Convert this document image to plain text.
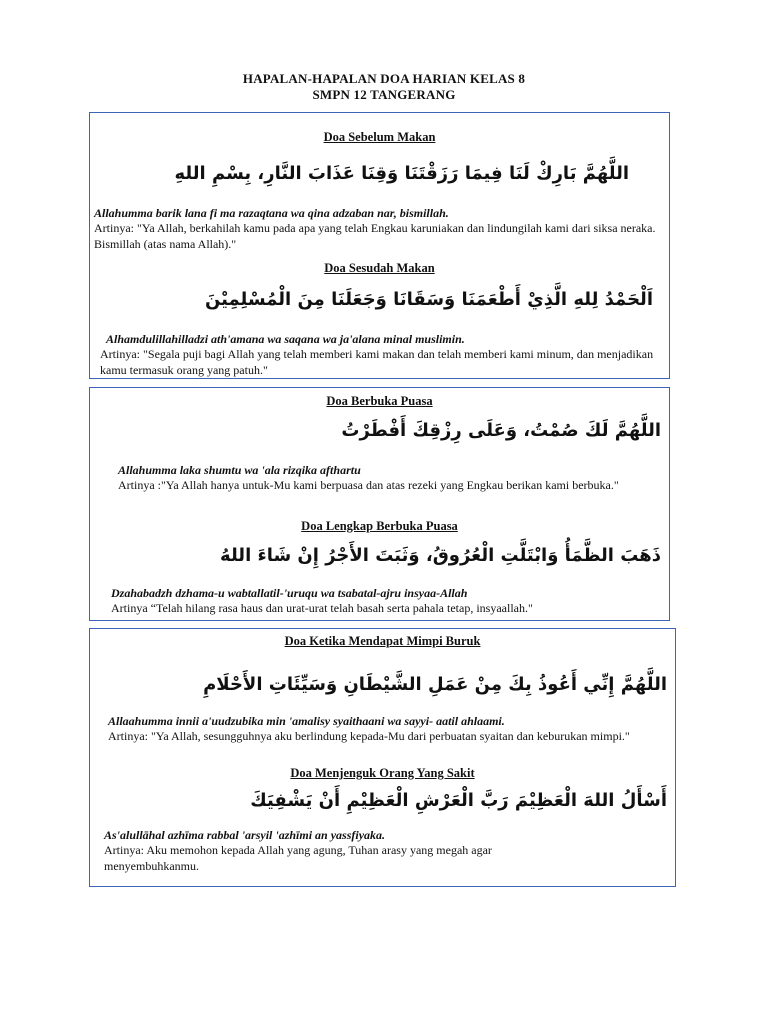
HAPALAN-HAPALAN DOA HARIAN KELAS 8
SMPN 12 TANGERANG
Doa Sebelum Makan
اللَّهُمَّ بَارِكْ لَنَا فِيمَا رَزَقْتَنَا وَقِنَا عَذَابَ النَّارِ، بِسْمِ اللهِ
Allahumma barik lana fi ma razaqtana wa qina adzaban nar, bismillah.
Artinya: "Ya Allah, berkahilah kamu pada apa yang telah Engkau karuniakan dan lindungilah kami dari siksa neraka. Bismillah (atas nama Allah)."
Doa Sesudah Makan
اَلْحَمْدُ لِلهِ الَّذِيْ أَطْعَمَنَا وَسَقَانَا وَجَعَلَنَا مِنَ الْمُسْلِمِيْنَ
Alhamdulillahilladzi ath'amana wa saqana wa ja'alana minal muslimin.
Artinya: "Segala puji bagi Allah yang telah memberi kami makan dan telah memberi kami minum, dan menjadikan kamu termasuk orang yang patuh."
Doa Berbuka Puasa
اللَّهُمَّ لَكَ صُمْتُ، وَعَلَى رِزْقِكَ أَفْطَرْتُ
Allahumma laka shumtu wa 'ala rizqika afthartu
Artinya :"Ya Allah hanya untuk-Mu kami berpuasa dan atas rezeki yang Engkau berikan kami berbuka."
Doa Lengkap Berbuka Puasa
ذَهَبَ الظَّمَأُ وَابْتَلَّتِ الْعُرُوقُ، وَثَبَتَ الأَجْرُ إِنْ شَاءَ اللهُ
Dzahabadzh dzhama-u wabtallatil-'uruqu wa tsabatal-ajru insyaa-Allah
Artinya “Telah hilang rasa haus dan urat-urat telah basah serta pahala tetap, insyaallah."
Doa Ketika Mendapat Mimpi Buruk
اللَّهُمَّ إِنِّي أَعُوذُ بِكَ مِنْ عَمَلِ الشَّيْطَانِ وَسَيِّئَاتِ الأَحْلَامِ
Allaahumma innii a'uudzubika min 'amalisy syaithaani wa sayyi- aatil ahlaami.
Artinya: "Ya Allah, sesungguhnya aku berlindung kepada-Mu dari perbuatan syaitan dan keburukan mimpi."
Doa Menjenguk Orang Yang Sakit
أَسْأَلُ اللهَ الْعَظِيْمَ رَبَّ الْعَرْشِ الْعَظِيْمِ أَنْ يَشْفِيَكَ
As'alullāhal azhīma rabbal 'arsyil 'azhīmi an yassfiyaka.
Artinya: Aku memohon kepada Allah yang agung, Tuhan arasy yang megah agar menyembuhkanmu.
